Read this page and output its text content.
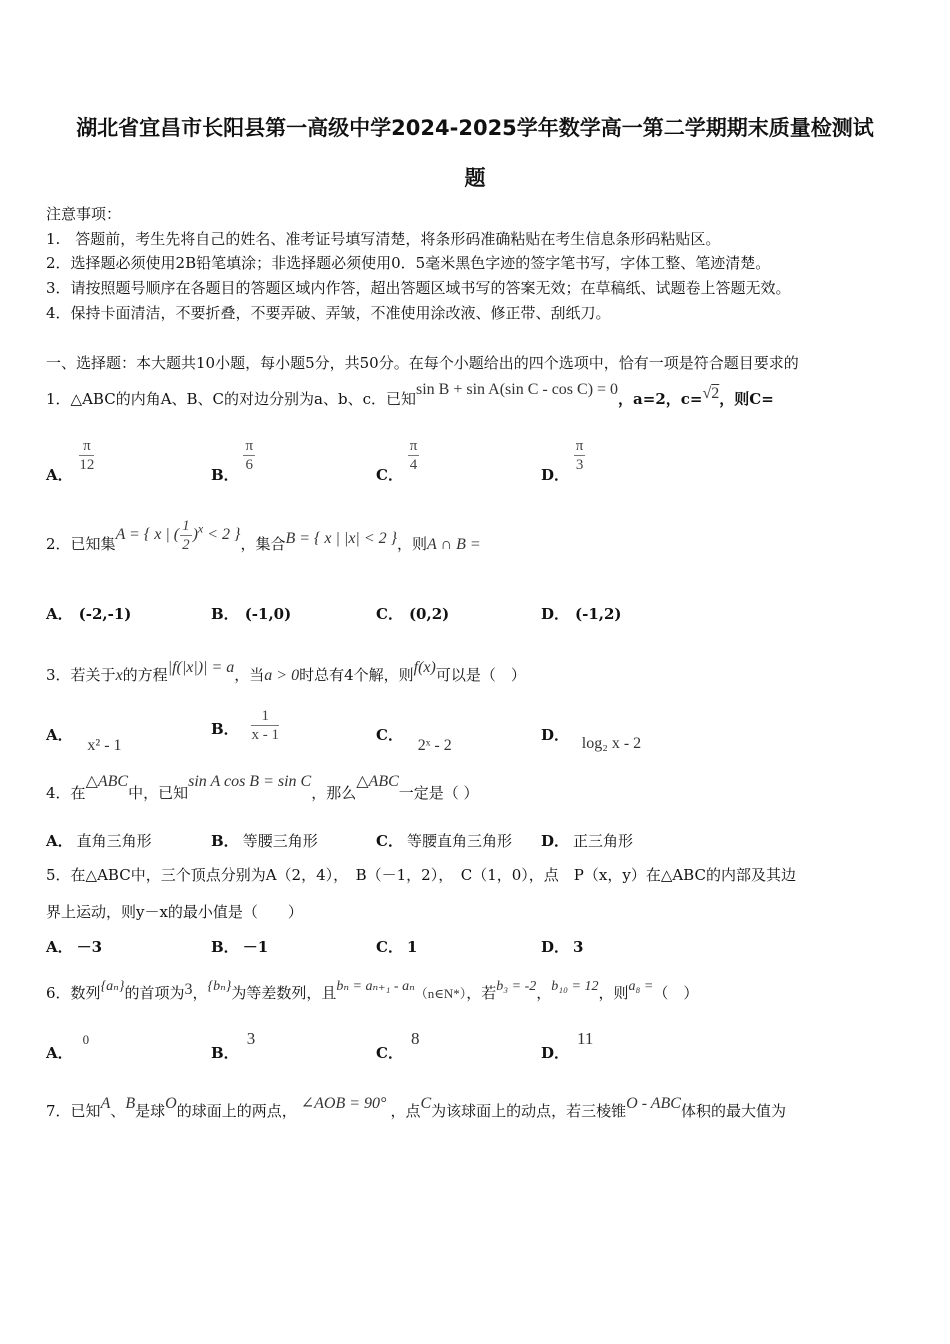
湖北省宜昌市长阳县第一高级中学2024-2025学年数学高一第二学期期末质量检测试
题
注意事项：
1.　答题前，考生先将自己的姓名、准考证号填写清楚，将条形码准确粘贴在考生信息条形码粘贴区。
2．选择题必须使用2B铅笔填涂；非选择题必须使用0．5毫米黑色字迹的签字笔书写，字体工整、笔迹清楚。
3．请按照题号顺序在各题目的答题区域内作答，超出答题区域书写的答案无效；在草稿纸、试题卷上答题无效。
4．保持卡面清洁，不要折叠，不要弄破、弄皱，不准使用涂改液、修正带、刮纸刀。
一、选择题：本大题共10小题，每小题5分，共50分。在每个小题给出的四个选项中，恰有一项是符合题目要求的
1．△ABC的内角A、B、C的对边分别为a、b、c．已知sin B + sin A(sin C - cos C) = 0，a=2，c=√2，则C=
A．
$\frac{\pi}{12}$
B．
$\frac{\pi}{6}$
C．
$\frac{\pi}{4}$
D．
$\frac{\pi}{3}$
2．已知集A = { x | ( $\frac{1}{2} )^x < 2$ }，集合B = { x | |x| < 2 }，则A ∩ B =
A． (-2,-1)	B． (-1,0)	C． (0,2)	D． (-1,2)
3．若关于x的方程|f(|x|)| = a，当a > 0时总有4个解，则f(x)可以是（　）
A． x² - 1
B． $\frac{1}{x - 1}$	C． 2ˣ - 2
D． log₂ x - 2
4．在△ABC中，已知sin A cos B = sin C，那么△ABC一定是（ ）
A． 直角三角形	B． 等腰三角形	C． 等腰直角三角形 D． 正三角形
5．在△ABC中，三个顶点分别为A（2，4），　B（－1，2），　C（1，0），点　P（x，y）在△ABC的内部及其边
界上运动，则y－x的最小值是（　　）
A． －3	B． －1	C． 1	D． 3
6．数列{aₙ}的首项为3，{bₙ}为等差数列，且bₙ = aₙ₊₁ - aₙ（n∈N*），若b₃ = -2，b₁₀ = 12，则a₈ =（　）
A．0
B．3
C．8
D．11
7．已知A、B是球O的球面上的两点， ∠AOB = 90° ，点C为该球面上的动点，若三棱锥O - ABC体积的最大值为
